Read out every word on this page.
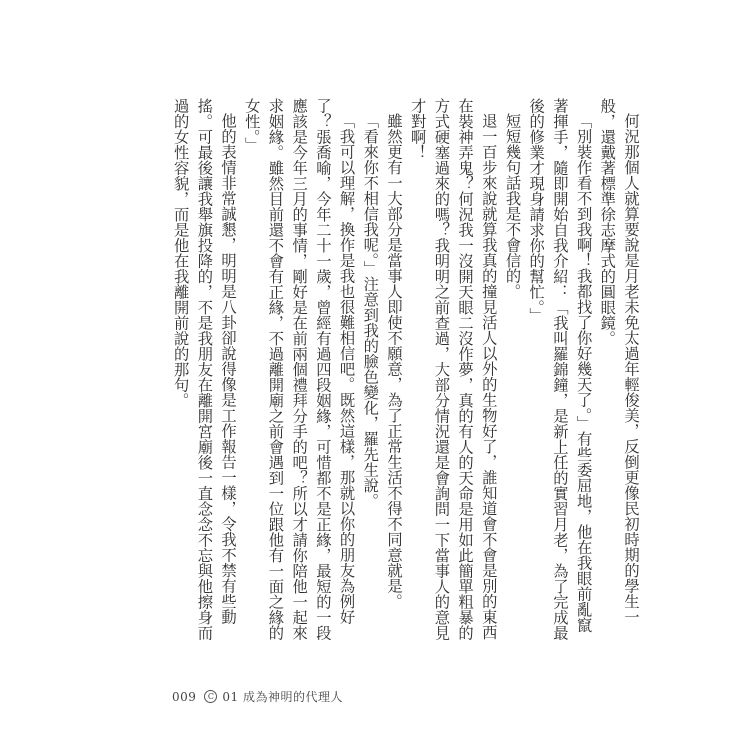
何況那個人就算要說是月老未免太過年輕俊美，反倒更像民初時期的學生一般，還戴著標準徐志摩式的圓眼鏡。

「別裝作看不到我啊！我都找了你好幾天了。」有些委屈地，他在我眼前亂竄著揮手，隨即開始自我介紹：「我叫羅錦鐘，是新上任的實習月老，為了完成最後的修業才現身請求你的幫忙。」

短短幾句話我是不會信的。

退一百步來說就算我真的撞見活人以外的生物好了，誰知道會不會是別的東西在裝神弄鬼？何況我一沒開天眼二沒作夢，真的有人的天命是用如此簡單粗暴的方式硬塞過來的嗎？我明明之前查過，大部分情況還是會詢問一下當事人的意見才對啊！

雖然更有一大部分是當事人即使不願意，為了正常生活不得不同意就是。

「看來你不相信我呢。」注意到我的臉色變化，羅先生說。

「我可以理解，換作是我也很難相信吧。既然這樣，那就以你的朋友為例好了？張喬喻，今年二十一歲，曾經有過四段姻緣，可惜都不是正緣，最短的一段應該是今年三月的事情，剛好是在前兩個禮拜分手的吧？所以才請你陪他一起來求姻緣。雖然目前還不會有正緣，不過離開廟之前會遇到一位跟他有一面之緣的女性。」

他的表情非常誠懇，明明是八卦卻說得像是工作報告一樣，令我不禁有些動搖。可最後讓我舉旗投降的，不是我朋友在離開宮廟後一直念念不忘與他擦身而過的女性容貌，而是他在我離開前說的那句。

009	C 01 成為神明的代理人
